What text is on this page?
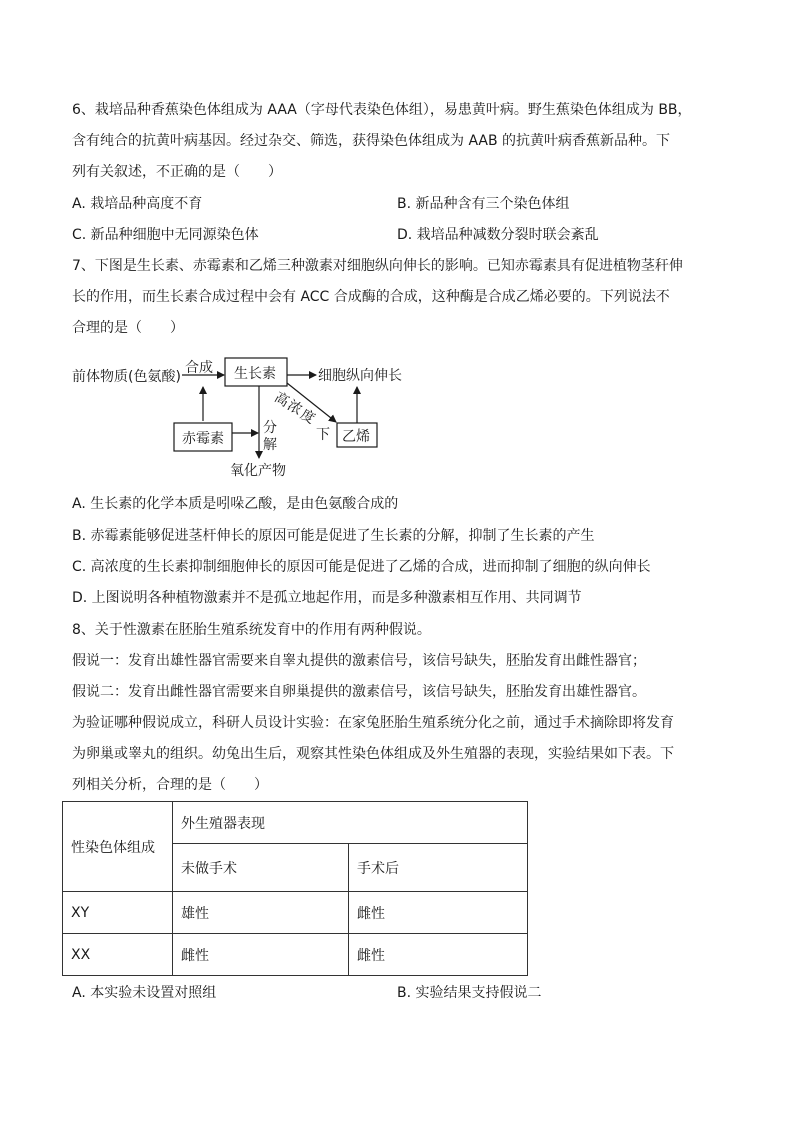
6、栽培品种香蕉染色体组成为 AAA（字母代表染色体组），易患黄叶病。野生蕉染色体组成为 BB，
含有纯合的抗黄叶病基因。经过杂交、筛选，获得染色体组成为 AAB 的抗黄叶病香蕉新品种。下
列有关叙述，不正确的是（　　）
A. 栽培品种高度不育	B. 新品种含有三个染色体组
C. 新品种细胞中无同源染色体	D. 栽培品种减数分裂时联会紊乱
7、下图是生长素、赤霉素和乙烯三种激素对细胞纵向伸长的影响。已知赤霉素具有促进植物茎秆伸
长的作用，而生长素合成过程中会有 ACC 合成酶的合成，这种酶是合成乙烯必要的。下列说法不
合理的是（　　）
前体物质(色氨酸)
合成 生长素	细胞纵向伸长
赤霉素
分
解
氧化产物
高
浓
度
下 乙烯
A. 生长素的化学本质是吲哚乙酸，是由色氨酸合成的
B. 赤霉素能够促进茎杆伸长的原因可能是促进了生长素的分解，抑制了生长素的产生
C. 高浓度的生长素抑制细胞伸长的原因可能是促进了乙烯的合成，进而抑制了细胞的纵向伸长
D. 上图说明各种植物激素并不是孤立地起作用，而是多种激素相互作用、共同调节
8、关于性激素在胚胎生殖系统发育中的作用有两种假说。
假说一：发育出雄性器官需要来自睾丸提供的激素信号，该信号缺失，胚胎发育出雌性器官；
假说二：发育出雌性器官需要来自卵巢提供的激素信号，该信号缺失，胚胎发育出雄性器官。
为验证哪种假说成立，科研人员设计实验：在家兔胚胎生殖系统分化之前，通过手术摘除即将发育
为卵巢或睾丸的组织。幼兔出生后，观察其性染色体组成及外生殖器的表现，实验结果如下表。下
列相关分析，合理的是（　　）
性染色体组成	外生殖器表现	
	未做手术	手术后
XY	雄性	雌性
XX	雌性	雌性
A. 本实验未设置对照组	B. 实验结果支持假说二
